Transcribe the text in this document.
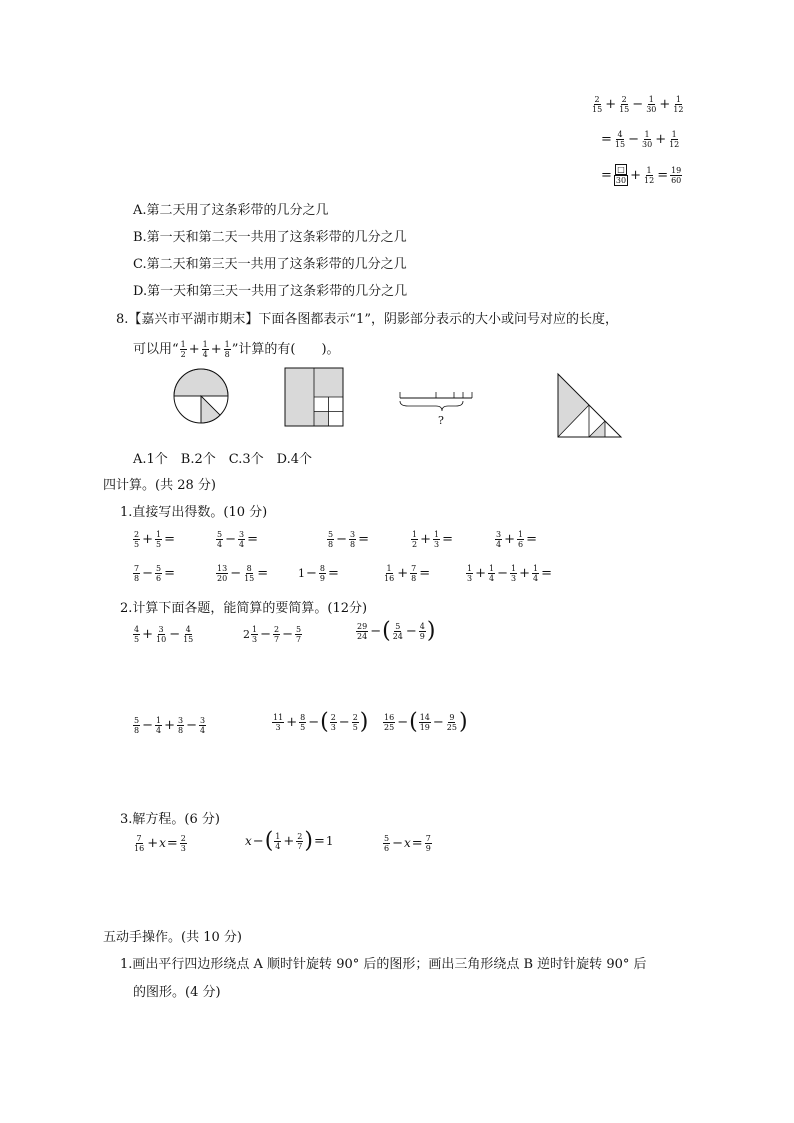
$\frac{2}{15} + \frac{2}{15} - \frac{1}{30} + \frac{1}{12}$
= $\frac{4}{15} - \frac{1}{30} + \frac{1}{12}$
= $\frac{□}{30} + \frac{1}{12} = \frac{19}{60}$
A.第二天用了这条彩带的几分之几
B.第一天和第二天一共用了这条彩带的几分之几
C.第二天和第三天一共用了这条彩带的几分之几
D.第一天和第三天一共用了这条彩带的几分之几
8.【嘉兴市平湖市期末】下面各图都表示“1”，阴影部分表示的大小或问号对应的长度，
可以用“ $\frac{1}{2} + \frac{1}{4} + \frac{1}{8}$ ”计算的有(　　)。
?
A.1个　B.2个　C.3个　D.4个
四计算。(共 28 分)
1.直接写出得数。(10 分)
$\frac{2}{5} + \frac{1}{5}$ =	$\frac{5}{4} - \frac{3}{4}$ =	$\frac{5}{8} - \frac{3}{8}$ =	$\frac{1}{2} + \frac{1}{3}$ =	$\frac{3}{4} + \frac{1}{6}$ =
$\frac{7}{8} - \frac{5}{6}$ =	$\frac{13}{20} - \frac{8}{15}$ =	$1- \frac{8}{9}$ =	$\frac{1}{16} + \frac{7}{8}$ =	$\frac{1}{3} + \frac{1}{4} - \frac{1}{3} + \frac{1}{4}$ =
2.计算下面各题，能简算的要简算。(12分)
$\frac{4}{5} + \frac{3}{10} - \frac{4}{15}$	$2 \frac{1}{3} - \frac{2}{7} - \frac{5}{7}$	$\frac{29}{24}$ −( $\frac{5}{24} - \frac{4}{9}$ )
$\frac{5}{8} - \frac{1}{4} + \frac{3}{8} - \frac{3}{4}$	$\frac{11}{3} + \frac{8}{5}$ −( $\frac{2}{3} - \frac{2}{5}$ ) $\frac{16}{25}$ −( $\frac{14}{19} - \frac{9}{25}$ )
3.解方程。(6 分)
$\frac{7}{16} +x= \frac{2}{3}$	$x-( \frac{1}{4} + \frac{2}{7} )=1$	$\frac{5}{6} -x= \frac{7}{9}$
五动手操作。(共 10 分)
1.画出平行四边形绕点 A 顺时针旋转 90° 后的图形；画出三角形绕点 B 逆时针旋转 90° 后
的图形。(4 分)
